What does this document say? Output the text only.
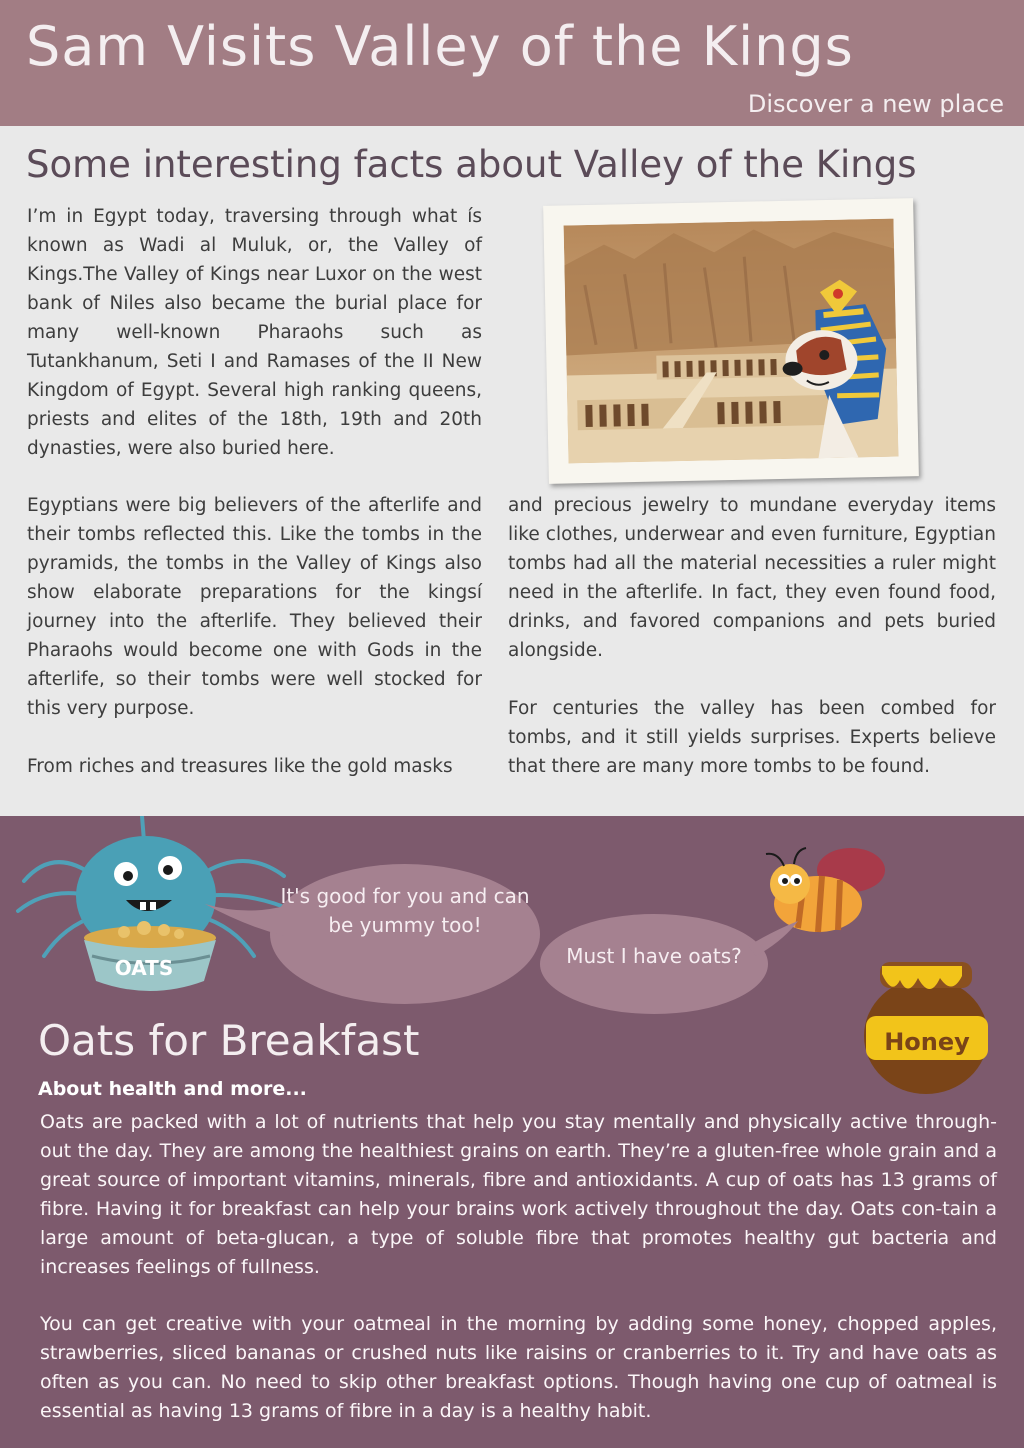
Sam Visits Valley of the Kings

Discover a new place

Some interesting facts about Valley of the Kings

I’m in Egypt today, traversing through what ís known as Wadi al Muluk, or, the Valley of Kings.The Valley of Kings near Luxor on the west bank of Niles also became the burial place for many well-known Pharaohs such as Tutankhanum, Seti I and Ramases of the II New Kingdom of Egypt. Several high ranking queens, priests and elites of the 18th, 19th and 20th dynasties, were also buried here.

Egyptians were big believers of the afterlife and their tombs reflected this. Like the tombs in the pyramids, the tombs in the Valley of Kings also show elaborate preparations for the kingsí journey into the afterlife. They believed their Pharaohs would become one with Gods in the afterlife, so their tombs were well stocked for this very purpose.

From riches and treasures like the gold masks

and precious jewelry to mundane everyday items like clothes, underwear and even furniture, Egyptian tombs had all the material necessities a ruler might need in the afterlife. In fact, they even found food, drinks, and favored companions and pets buried alongside.

For centuries the valley has been combed for tombs, and it still yields surprises. Experts believe that there are many more tombs to be found.

OATS
Honey

It's good for you and can be yummy too!

Must I have oats?

Oats for Breakfast

About health and more...

Oats are packed with a lot of nutrients that help you stay mentally and physically active through-out the day. They are among the healthiest grains on earth. They’re a gluten-free whole grain and a great source of important vitamins, minerals, fibre and antioxidants. A cup of oats has 13 grams of fibre. Having it for breakfast can help your brains work actively throughout the day. Oats con-tain a large amount of beta-glucan, a type of soluble fibre that promotes healthy gut bacteria and increases feelings of fullness.

You can get creative with your oatmeal in the morning by adding some honey, chopped apples, strawberries, sliced bananas or crushed nuts like raisins or cranberries to it. Try and have oats as often as you can. No need to skip other breakfast options. Though having one cup of oatmeal is essential as having 13 grams of fibre in a day is a healthy habit.
